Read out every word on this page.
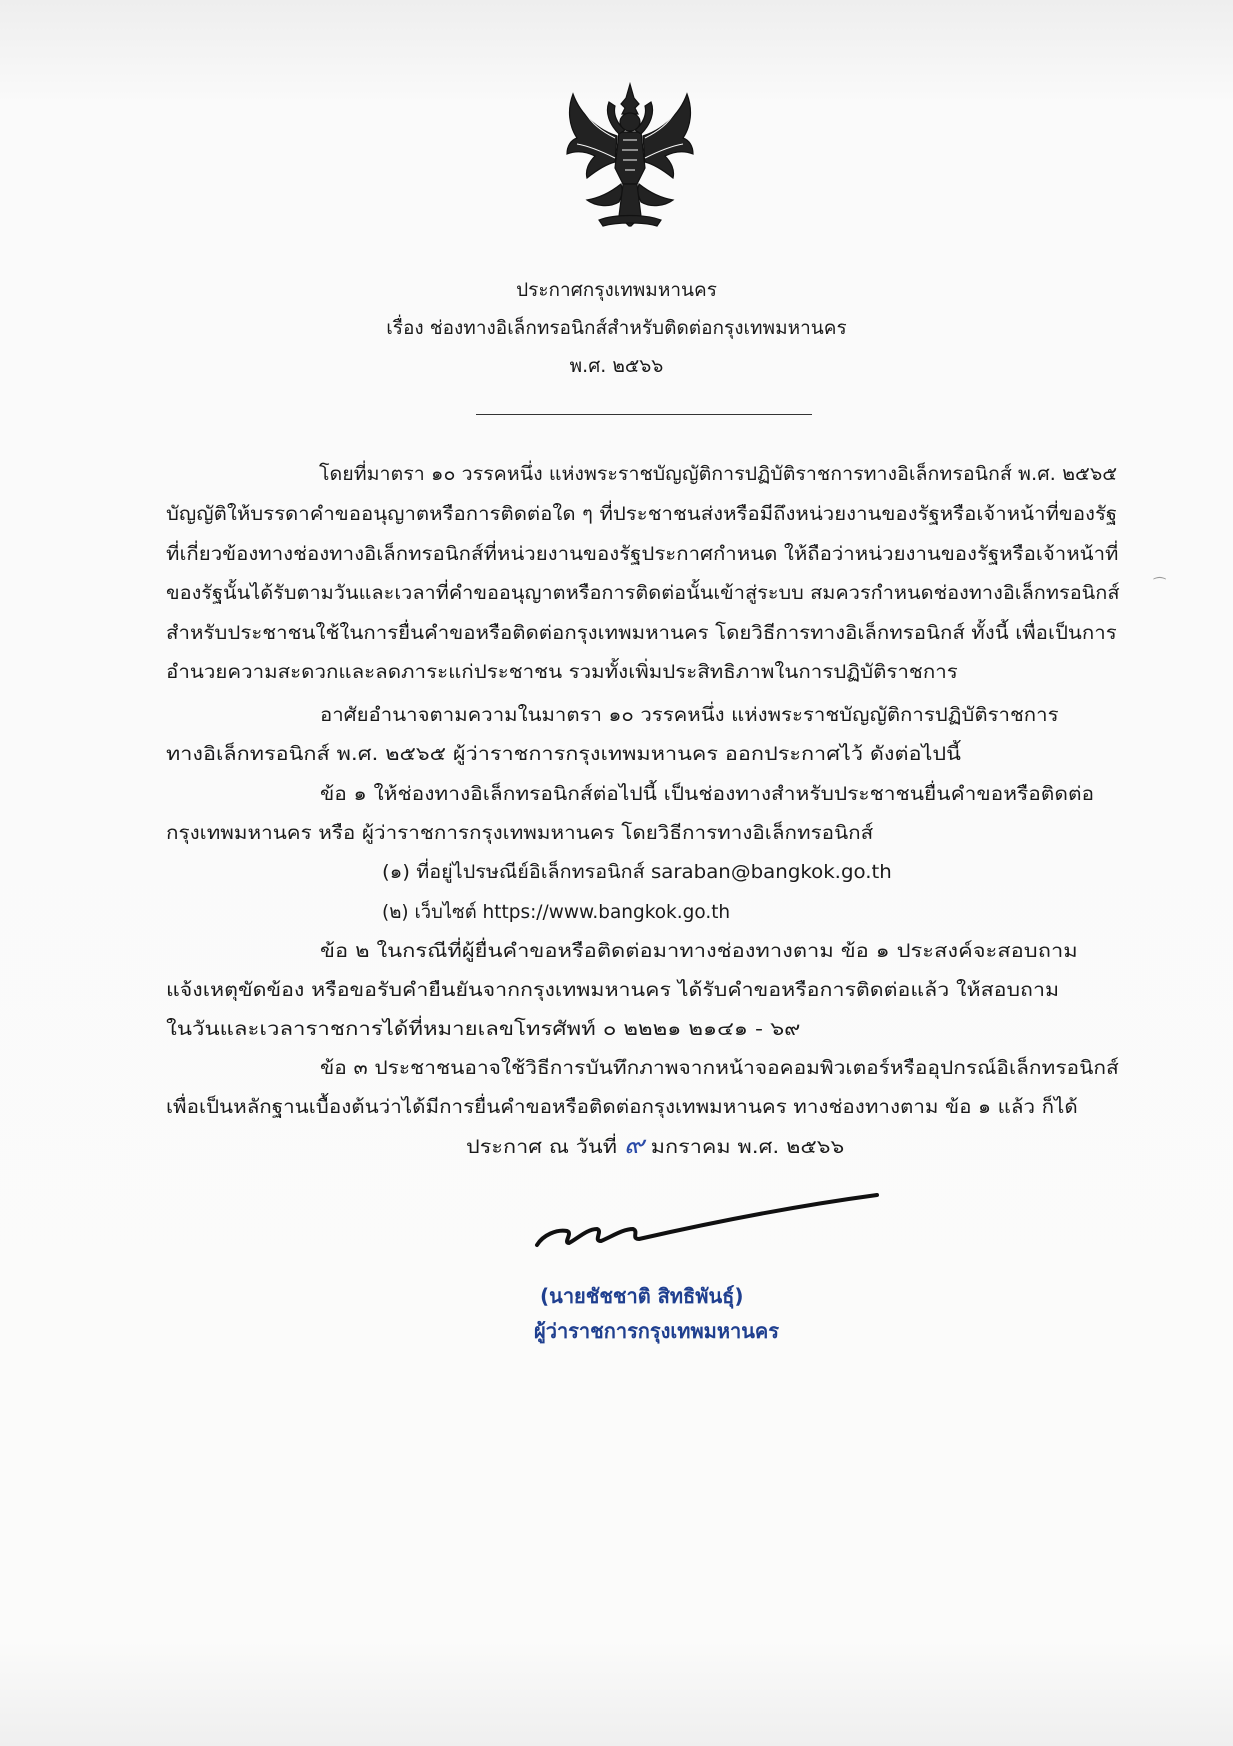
ประกาศกรุงเทพมหานคร
เรื่อง ช่องทางอิเล็กทรอนิกส์สำหรับติดต่อกรุงเทพมหานคร
พ.ศ. ๒๕๖๖
โดยที่มาตรา ๑๐ วรรคหนึ่ง แห่งพระราชบัญญัติการปฏิบัติราชการทางอิเล็กทรอนิกส์ พ.ศ. ๒๕๖๕
บัญญัติให้บรรดาคำขออนุญาตหรือการติดต่อใด ๆ ที่ประชาชนส่งหรือมีถึงหน่วยงานของรัฐหรือเจ้าหน้าที่ของรัฐ
ที่เกี่ยวข้องทางช่องทางอิเล็กทรอนิกส์ที่หน่วยงานของรัฐประกาศกำหนด ให้ถือว่าหน่วยงานของรัฐหรือเจ้าหน้าที่
ของรัฐนั้นได้รับตามวันและเวลาที่คำขออนุญาตหรือการติดต่อนั้นเข้าสู่ระบบ สมควรกำหนดช่องทางอิเล็กทรอนิกส์
สำหรับประชาชนใช้ในการยื่นคำขอหรือติดต่อกรุงเทพมหานคร โดยวิธีการทางอิเล็กทรอนิกส์ ทั้งนี้ เพื่อเป็นการ
อำนวยความสะดวกและลดภาระแก่ประชาชน รวมทั้งเพิ่มประสิทธิภาพในการปฏิบัติราชการ
อาศัยอำนาจตามความในมาตรา ๑๐ วรรคหนึ่ง แห่งพระราชบัญญัติการปฏิบัติราชการ
ทางอิเล็กทรอนิกส์ พ.ศ. ๒๕๖๕ ผู้ว่าราชการกรุงเทพมหานคร ออกประกาศไว้ ดังต่อไปนี้
ข้อ ๑ ให้ช่องทางอิเล็กทรอนิกส์ต่อไปนี้ เป็นช่องทางสำหรับประชาชนยื่นคำขอหรือติดต่อ
กรุงเทพมหานคร หรือ ผู้ว่าราชการกรุงเทพมหานคร โดยวิธีการทางอิเล็กทรอนิกส์
(๑) ที่อยู่ไปรษณีย์อิเล็กทรอนิกส์ saraban@bangkok.go.th
(๒) เว็บไซต์ https://www.bangkok.go.th
ข้อ ๒ ในกรณีที่ผู้ยื่นคำขอหรือติดต่อมาทางช่องทางตาม ข้อ ๑ ประสงค์จะสอบถาม
แจ้งเหตุขัดข้อง หรือขอรับคำยืนยันจากกรุงเทพมหานคร ได้รับคำขอหรือการติดต่อแล้ว ให้สอบถาม
ในวันและเวลาราชการได้ที่หมายเลขโทรศัพท์ ๐ ๒๒๒๑ ๒๑๔๑ - ๖๙
ข้อ ๓ ประชาชนอาจใช้วิธีการบันทึกภาพจากหน้าจอคอมพิวเตอร์หรืออุปกรณ์อิเล็กทรอนิกส์
เพื่อเป็นหลักฐานเบื้องต้นว่าได้มีการยื่นคำขอหรือติดต่อกรุงเทพมหานคร ทางช่องทางตาม ข้อ ๑ แล้ว ก็ได้
ประกาศ ณ วันที่ ๙ มกราคม พ.ศ. ๒๕๖๖
(นายชัชชาติ สิทธิพันธุ์)
ผู้ว่าราชการกรุงเทพมหานคร
⁀
